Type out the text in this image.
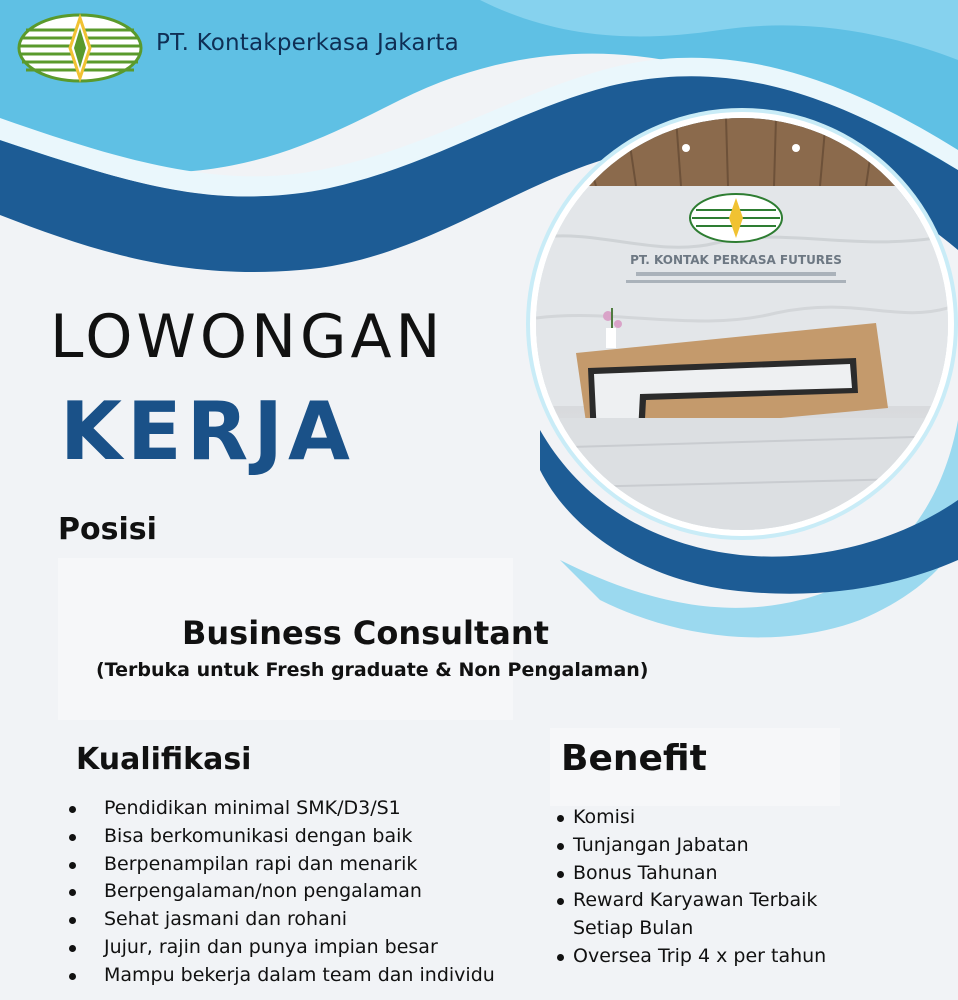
PT. Kontakperkasa Jakarta
PT. KONTAK PERKASA FUTURES
LOWONGAN
KERJA
Posisi
Business Consultant
(Terbuka untuk Fresh graduate & Non Pengalaman)
Kualifikasi
Pendidikan minimal SMK/D3/S1
Bisa berkomunikasi dengan baik
Berpenampilan rapi dan menarik
Berpengalaman/non pengalaman
Sehat jasmani dan rohani
Jujur, rajin dan punya impian besar
Mampu bekerja dalam team dan individu
Benefit
Komisi
Tunjangan Jabatan
Bonus Tahunan
Reward Karyawan Terbaik
Setiap Bulan
Oversea Trip 4 x per tahun
